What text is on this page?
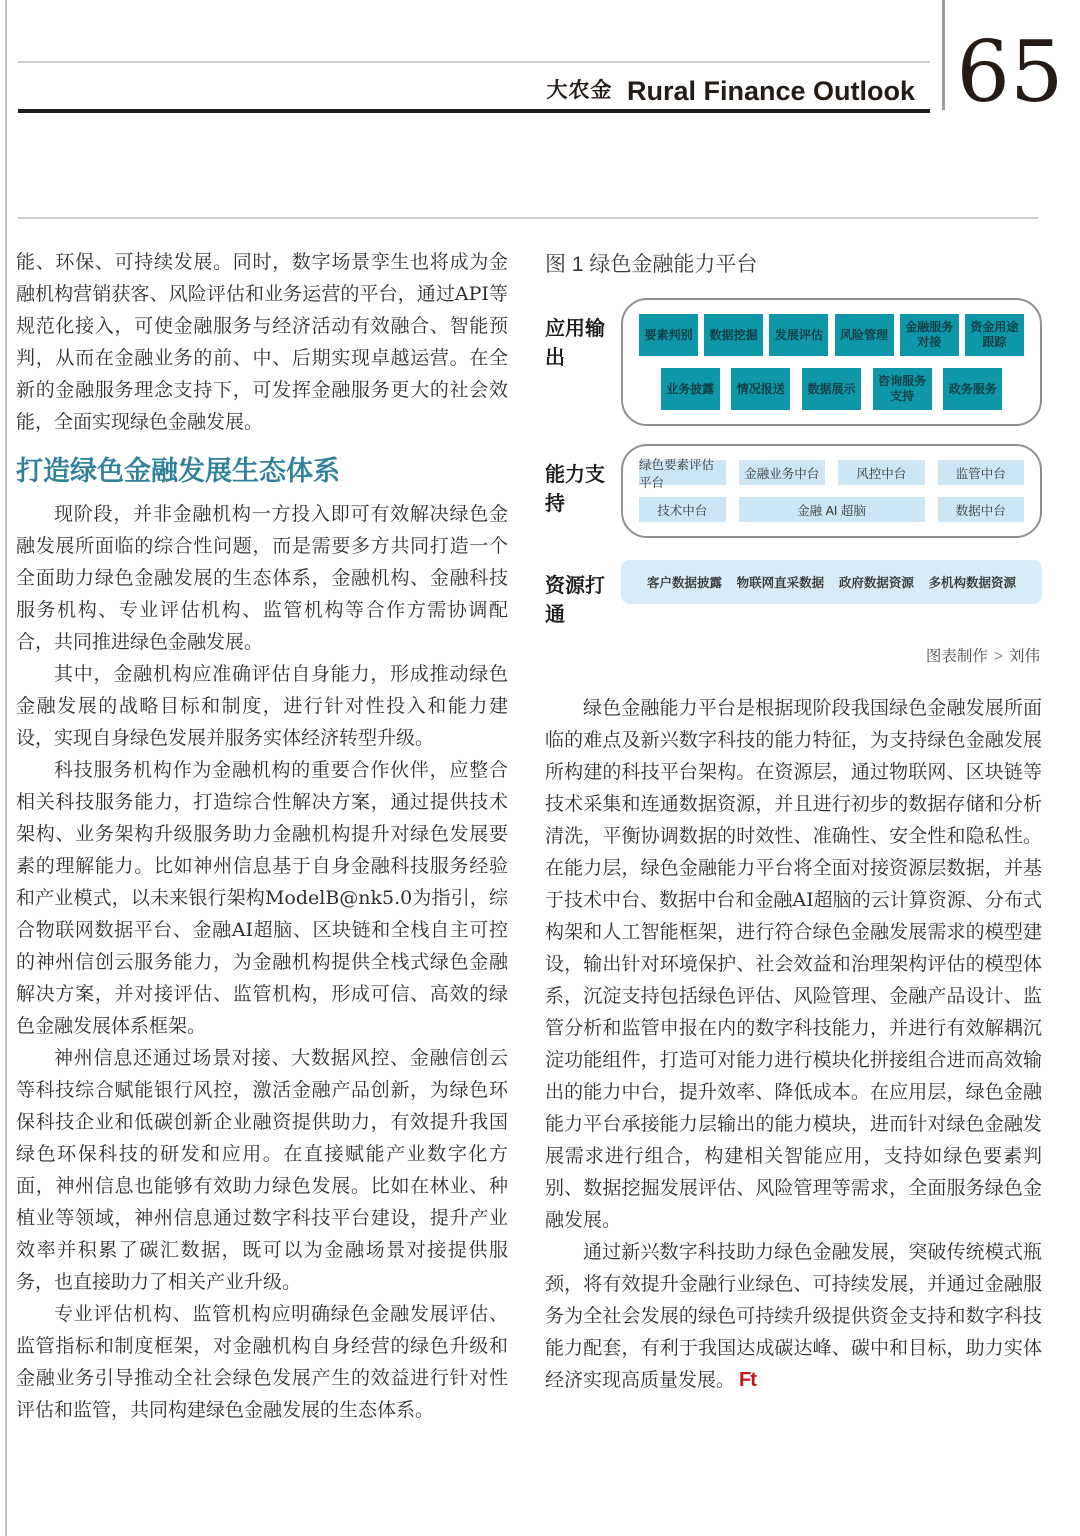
大农金 Rural Finance Outlook 65

能、环保、可持续发展。同时，数字场景孪生也将成为金融机构营销获客、风险评估和业务运营的平台，通过API等规范化接入，可使金融服务与经济活动有效融合、智能预判，从而在金融业务的前、中、后期实现卓越运营。在全新的金融服务理念支持下，可发挥金融服务更大的社会效能，全面实现绿色金融发展。

打造绿色金融发展生态体系

现阶段，并非金融机构一方投入即可有效解决绿色金融发展所面临的综合性问题，而是需要多方共同打造一个全面助力绿色金融发展的生态体系，金融机构、金融科技服务机构、专业评估机构、监管机构等合作方需协调配合，共同推进绿色金融发展。

其中，金融机构应准确评估自身能力，形成推动绿色金融发展的战略目标和制度，进行针对性投入和能力建设，实现自身绿色发展并服务实体经济转型升级。

科技服务机构作为金融机构的重要合作伙伴，应整合相关科技服务能力，打造综合性解决方案，通过提供技术架构、业务架构升级服务助力金融机构提升对绿色发展要素的理解能力。比如神州信息基于自身金融科技服务经验和产业模式，以未来银行架构ModelB@nk5.0为指引，综合物联网数据平台、金融AI超脑、区块链和全栈自主可控的神州信创云服务能力，为金融机构提供全栈式绿色金融解决方案，并对接评估、监管机构，形成可信、高效的绿色金融发展体系框架。

神州信息还通过场景对接、大数据风控、金融信创云等科技综合赋能银行风控，激活金融产品创新，为绿色环保科技企业和低碳创新企业融资提供助力，有效提升我国绿色环保科技的研发和应用。在直接赋能产业数字化方面，神州信息也能够有效助力绿色发展。比如在林业、种植业等领域，神州信息通过数字科技平台建设，提升产业效率并积累了碳汇数据，既可以为金融场景对接提供服务，也直接助力了相关产业升级。

专业评估机构、监管机构应明确绿色金融发展评估、监管指标和制度框架，对金融机构自身经营的绿色升级和金融业务引导推动全社会绿色发展产生的效益进行针对性评估和监管，共同构建绿色金融发展的生态体系。

图 1 绿色金融能力平台

应用输出
要素判别	数据挖掘	发展评估	风险管理
金融服务对接
资金用途跟踪
业务披露	情况报送	数据展示
咨询服务支持
政务服务
能力支持
绿色要素评估平台
金融业务中台	风控中台	监管中台
技术中台	金融 AI 超脑	数据中台
资源打通
客户数据披露 物联网直采数据 政府数据资源 多机构数据资源
图表制作 > 刘伟

绿色金融能力平台是根据现阶段我国绿色金融发展所面临的难点及新兴数字科技的能力特征，为支持绿色金融发展所构建的科技平台架构。在资源层，通过物联网、区块链等技术采集和连通数据资源，并且进行初步的数据存储和分析清洗，平衡协调数据的时效性、准确性、安全性和隐私性。在能力层，绿色金融能力平台将全面对接资源层数据，并基于技术中台、数据中台和金融AI超脑的云计算资源、分布式构架和人工智能框架，进行符合绿色金融发展需求的模型建设，输出针对环境保护、社会效益和治理架构评估的模型体系，沉淀支持包括绿色评估、风险管理、金融产品设计、监管分析和监管申报在内的数字科技能力，并进行有效解耦沉淀功能组件，打造可对能力进行模块化拼接组合进而高效输出的能力中台，提升效率、降低成本。在应用层，绿色金融能力平台承接能力层输出的能力模块，进而针对绿色金融发展需求进行组合，构建相关智能应用，支持如绿色要素判别、数据挖掘发展评估、风险管理等需求，全面服务绿色金融发展。

通过新兴数字科技助力绿色金融发展，突破传统模式瓶颈，将有效提升金融行业绿色、可持续发展，并通过金融服务为全社会发展的绿色可持续升级提供资金支持和数字科技能力配套，有利于我国达成碳达峰、碳中和目标，助力实体经济实现高质量发展。 Ft
